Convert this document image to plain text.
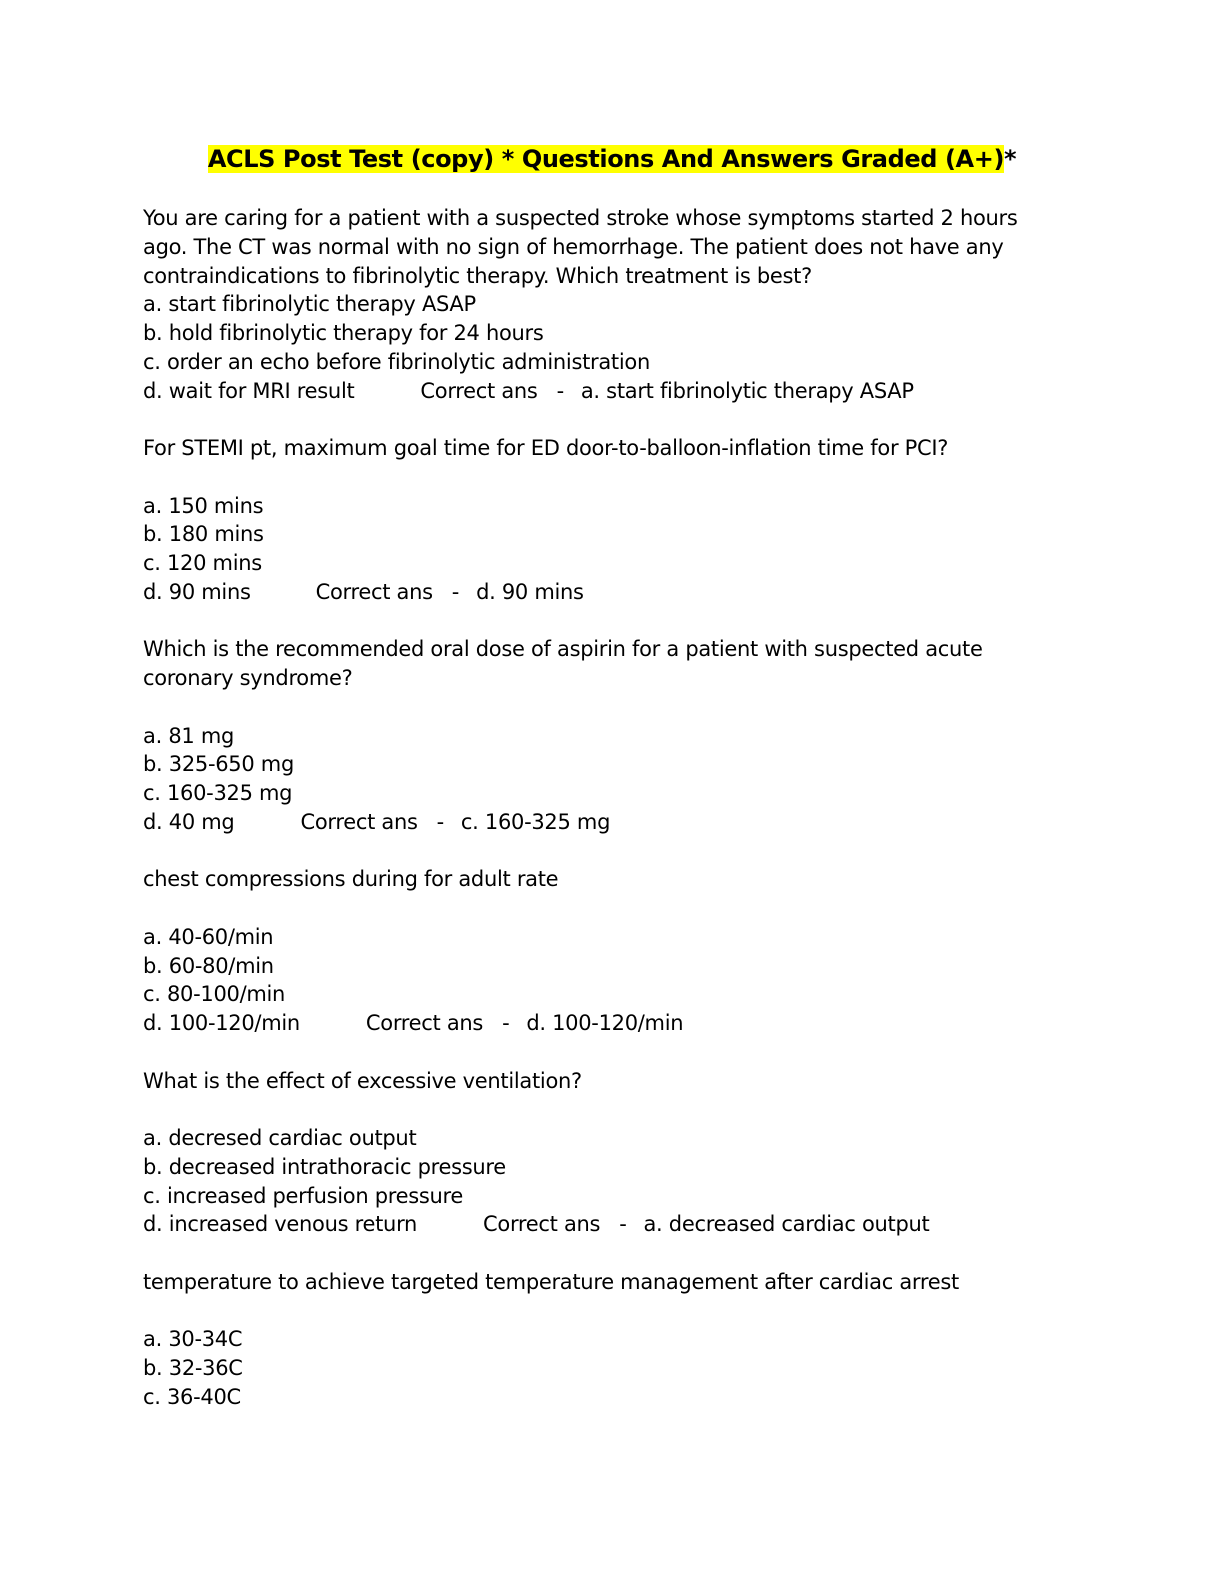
ACLS Post Test (copy) * Questions And Answers Graded (A+)*
You are caring for a patient with a suspected stroke whose symptoms started 2 hours
ago. The CT was normal with no sign of hemorrhage. The patient does not have any
contraindications to fibrinolytic therapy. Which treatment is best?
a. start fibrinolytic therapy ASAP
b. hold fibrinolytic therapy for 24 hours
c. order an echo before fibrinolytic administration
d. wait for MRI result	Correct ans - a. start fibrinolytic therapy ASAP
For STEMI pt, maximum goal time for ED door-to-balloon-inflation time for PCI?
a. 150 mins
b. 180 mins
c. 120 mins
d. 90 mins	Correct ans - d. 90 mins
Which is the recommended oral dose of aspirin for a patient with suspected acute
coronary syndrome?
a. 81 mg
b. 325-650 mg
c. 160-325 mg
d. 40 mg	Correct ans - c. 160-325 mg
chest compressions during for adult rate
a. 40-60/min
b. 60-80/min
c. 80-100/min
d. 100-120/min	Correct ans - d. 100-120/min
What is the effect of excessive ventilation?
a. decresed cardiac output
b. decreased intrathoracic pressure
c. increased perfusion pressure
d. increased venous return	Correct ans - a. decreased cardiac output
temperature to achieve targeted temperature management after cardiac arrest
a. 30-34C
b. 32-36C
c. 36-40C
